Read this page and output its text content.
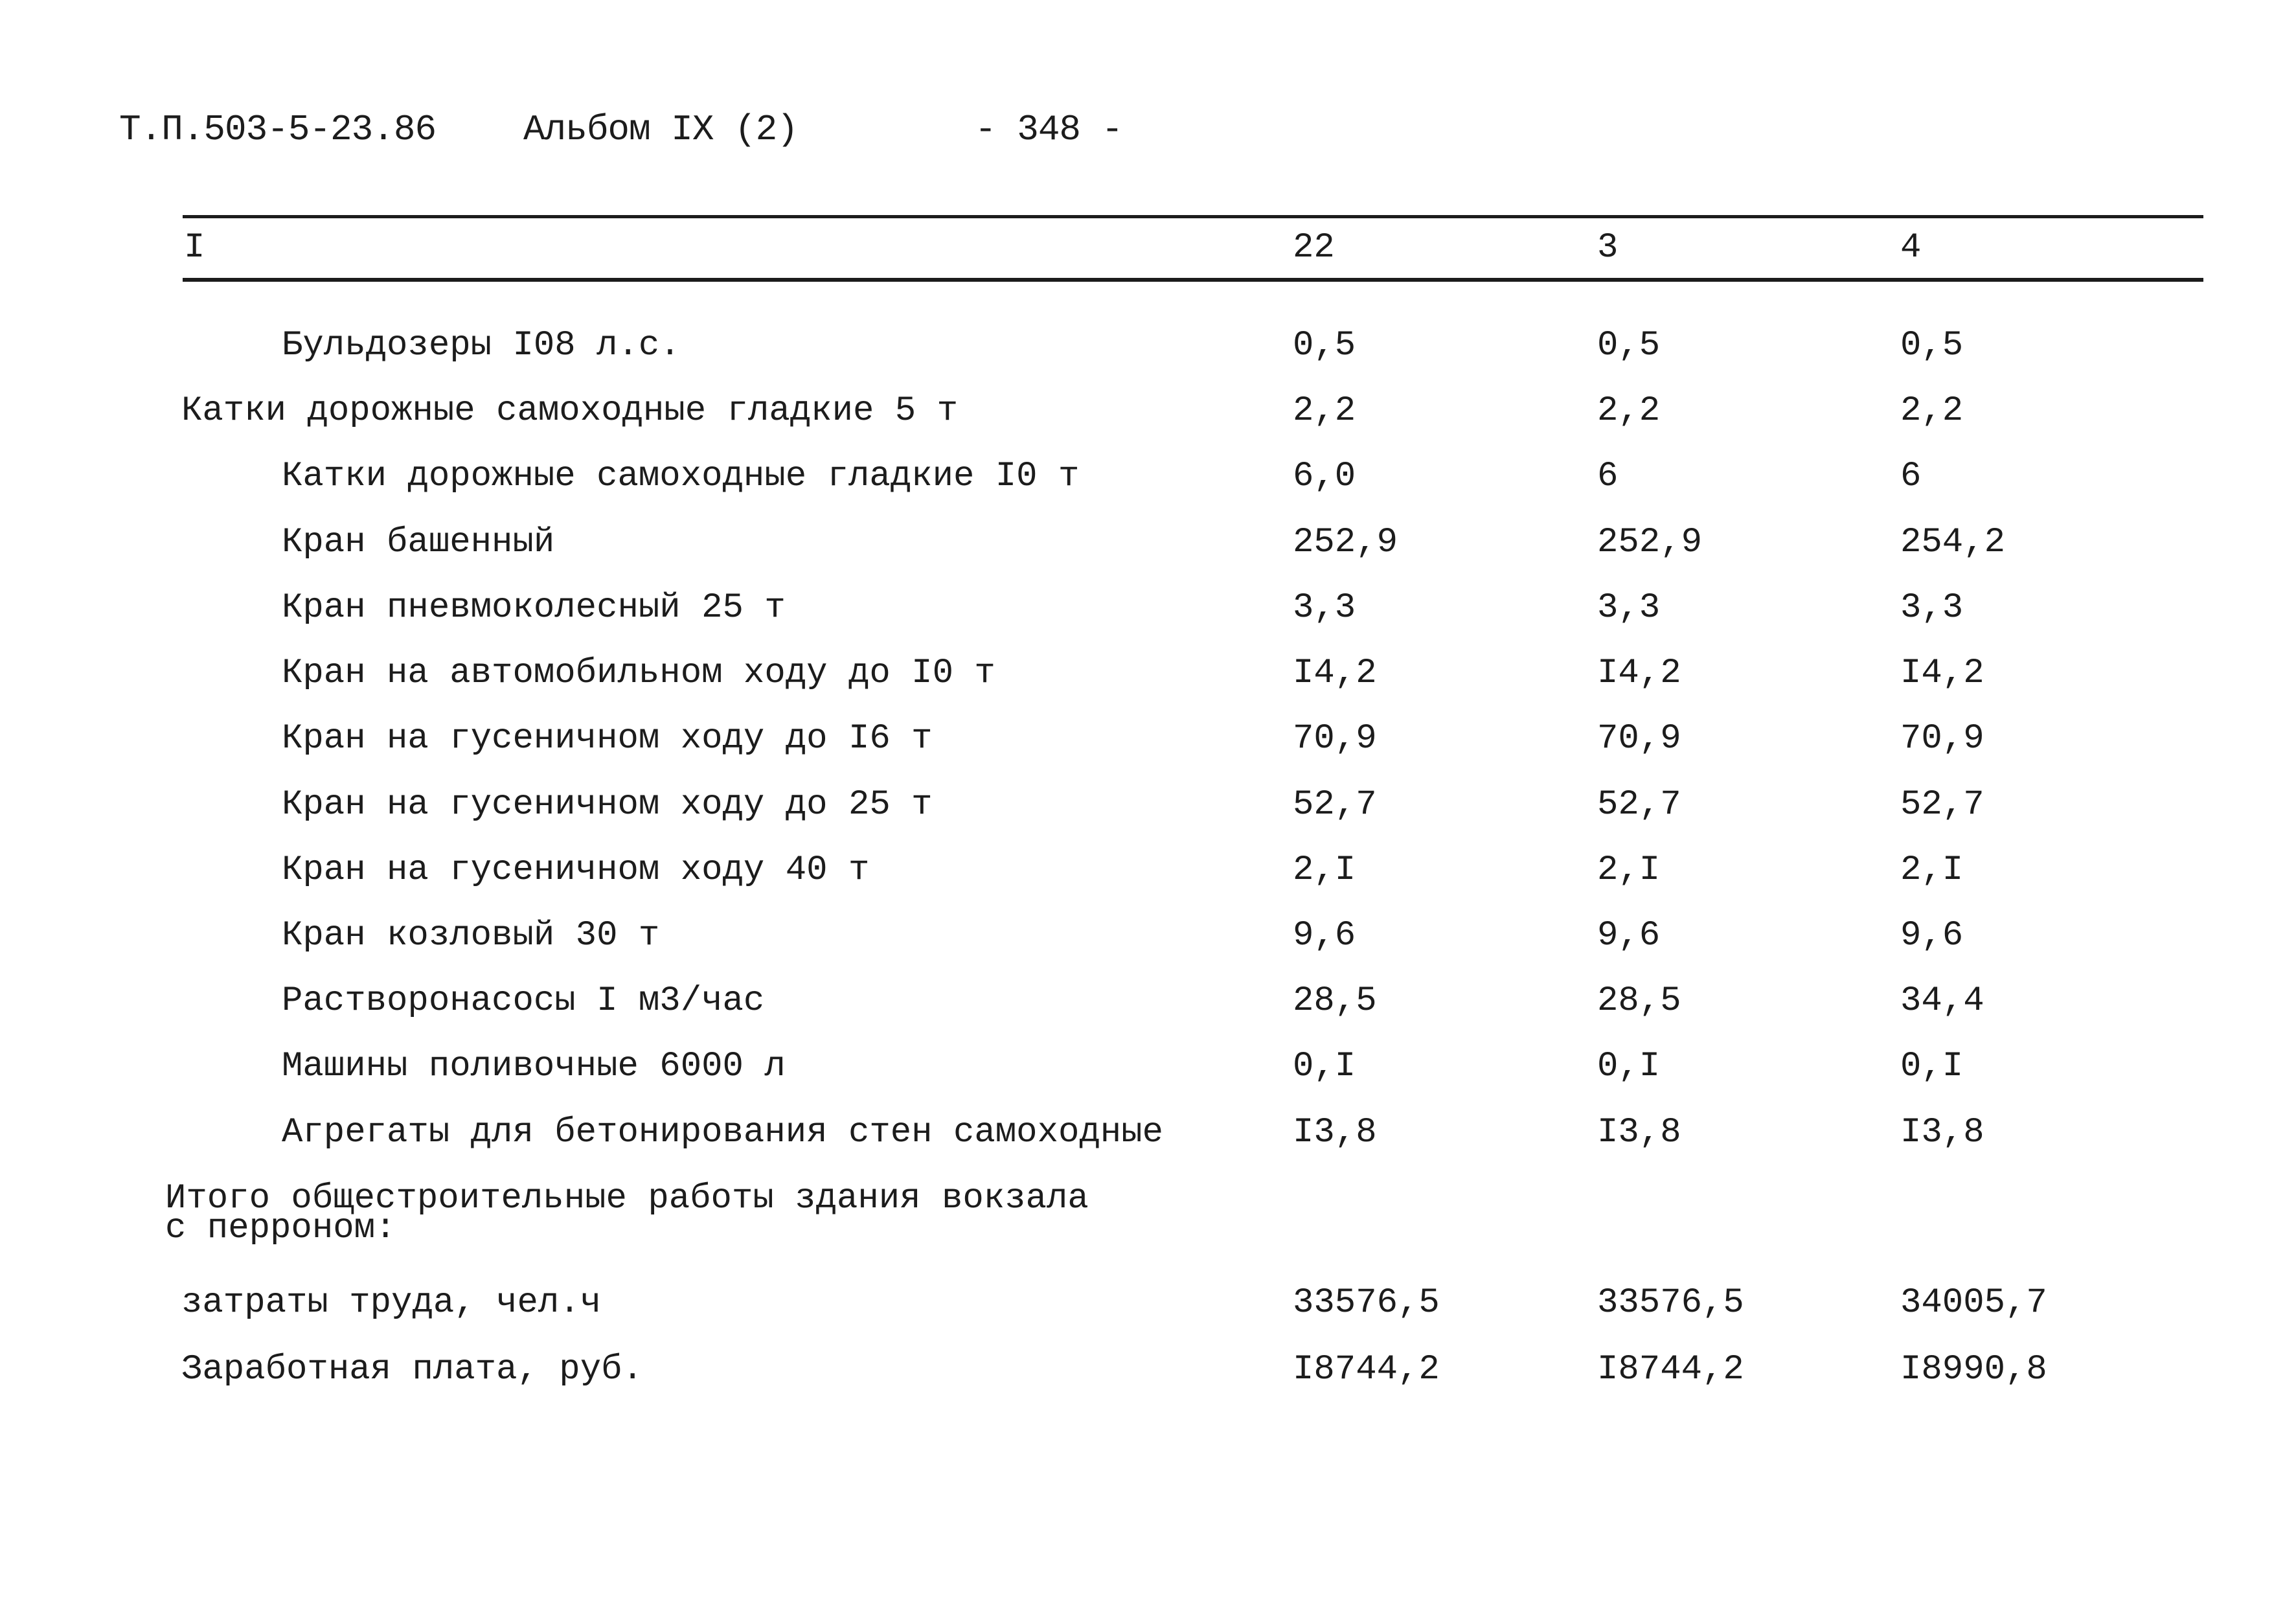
Т.П.503-5-23.86 Альбом IX (2)	- 348 -
I	22	3	4
Бульдозеры I08 л.с.	0,5	0,5	0,5
Катки дорожные самоходные гладкие 5 т	2,2	2,2	2,2
Катки дорожные самоходные гладкие I0 т	6,0	6	6
Кран башенный	252,9	252,9	254,2
Кран пневмоколесный 25 т	3,3	3,3	3,3
Кран на автомобильном ходу до I0 т	I4,2	I4,2	I4,2
Кран на гусеничном ходу до I6 т	70,9	70,9	70,9
Кран на гусеничном ходу до 25 т	52,7	52,7	52,7
Кран на гусеничном ходу 40 т	2,I	2,I	2,I
Кран козловый 30 т	9,6	9,6	9,6
Растворонасосы I м3/час	28,5	28,5	34,4
Машины поливочные 6000 л	0,I	0,I	0,I
Агрегаты для бетонирования стен самоходные	I3,8	I3,8	I3,8
Итого общестроительные работы здания вокзала
с перроном:
затраты труда, чел.ч	33576,5	33576,5	34005,7
Заработная плата, руб.	I8744,2	I8744,2	I8990,8
